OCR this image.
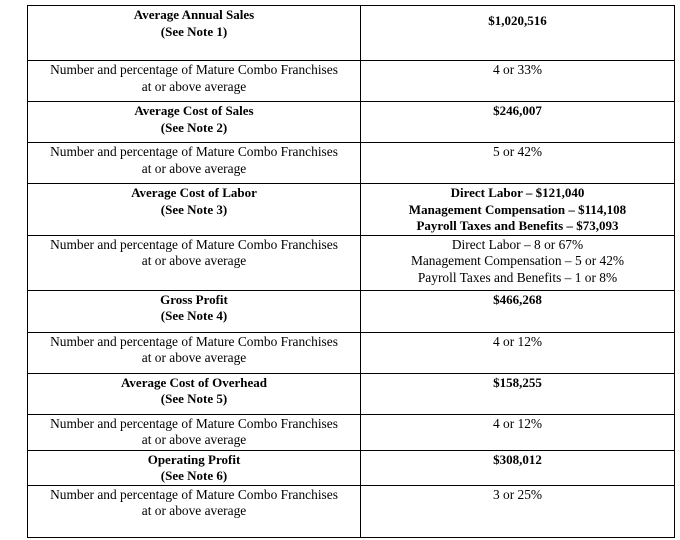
Average Annual Sales
(See Note 1)	$1,020,516

Number and percentage of Mature Combo Franchises
at or above average	4 or 33%

Average Cost of Sales
(See Note 2)	$246,007

Number and percentage of Mature Combo Franchises
at or above average	5 or 42%

Average Cost of Labor
(See Note 3)	Direct Labor – $121,040
Management Compensation – $114,108
Payroll Taxes and Benefits – $73,093

Number and percentage of Mature Combo Franchises
at or above average	Direct Labor – 8 or 67%
Management Compensation – 5 or 42%
Payroll Taxes and Benefits – 1 or 8%

Gross Profit
(See Note 4)	$466,268

Number and percentage of Mature Combo Franchises
at or above average	4 or 12%

Average Cost of Overhead
(See Note 5)	$158,255

Number and percentage of Mature Combo Franchises
at or above average	4 or 12%

Operating Profit
(See Note 6)	$308,012

Number and percentage of Mature Combo Franchises
at or above average	3 or 25%
